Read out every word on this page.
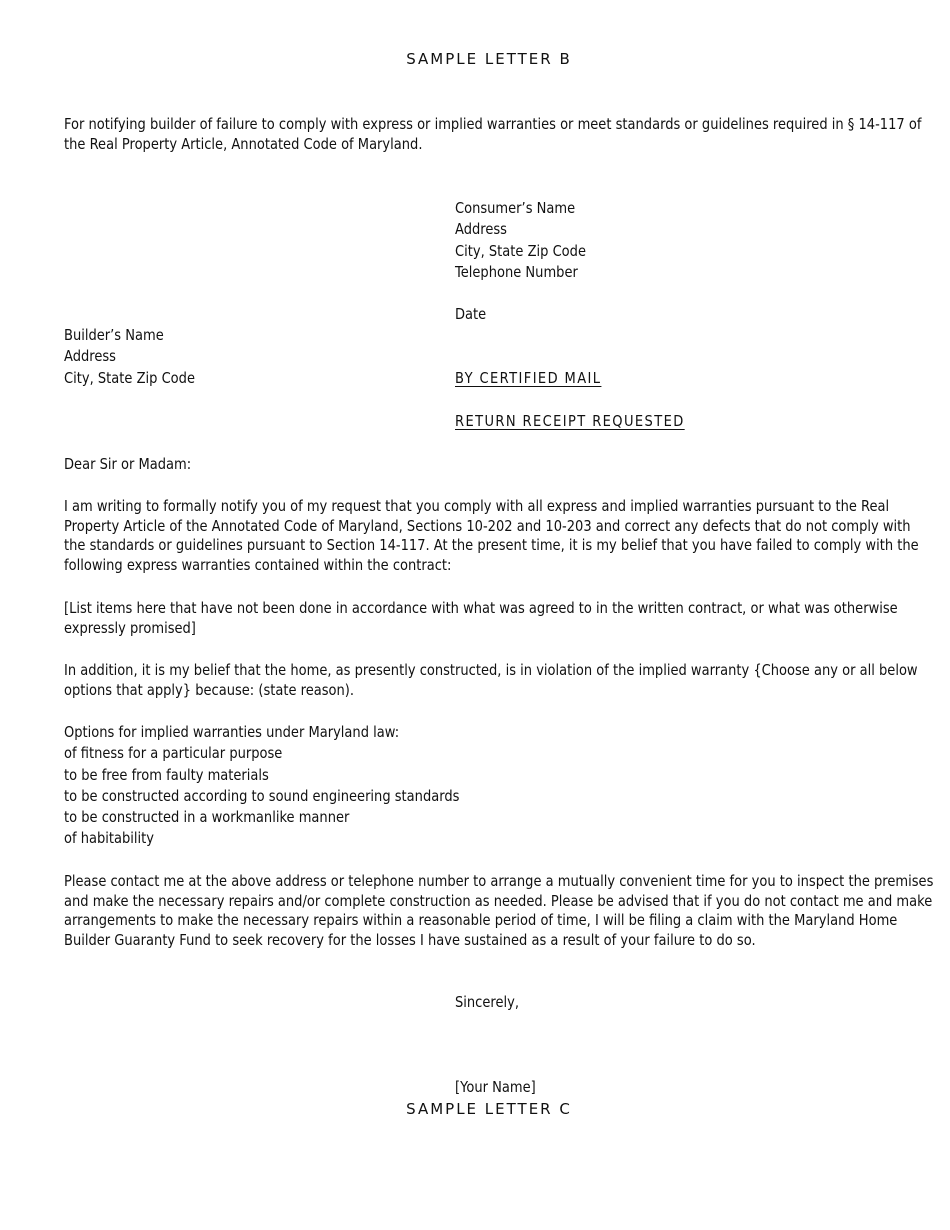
SAMPLE LETTER B

For notifying builder of failure to comply with express or implied warranties or meet standards or guidelines required in § 14-117 of the Real Property Article, Annotated Code of Maryland.

Consumer’s Name
Address
City, State Zip Code
Telephone Number

Date

Builder’s Name
Address
City, State Zip Code	BY CERTIFIED MAIL

RETURN RECEIPT REQUESTED

Dear Sir or Madam:

I am writing to formally notify you of my request that you comply with all express and implied warranties pursuant to the Real Property Article of the Annotated Code of Maryland, Sections 10-202 and 10-203 and correct any defects that do not comply with the standards or guidelines pursuant to Section 14-117. At the present time, it is my belief that you have failed to comply with the following express warranties contained within the contract:

[List items here that have not been done in accordance with what was agreed to in the written contract, or what was otherwise expressly promised]

In addition, it is my belief that the home, as presently constructed, is in violation of the implied warranty {Choose any or all below options that apply} because: (state reason).

Options for implied warranties under Maryland law:
of fitness for a particular purpose
to be free from faulty materials
to be constructed according to sound engineering standards
to be constructed in a workmanlike manner
of habitability

Please contact me at the above address or telephone number to arrange a mutually convenient time for you to inspect the premises and make the necessary repairs and/or complete construction as needed. Please be advised that if you do not contact me and make arrangements to make the necessary repairs within a reasonable period of time, I will be filing a claim with the Maryland Home Builder Guaranty Fund to seek recovery for the losses I have sustained as a result of your failure to do so.

Sincerely,

[Your Name]

SAMPLE LETTER C
